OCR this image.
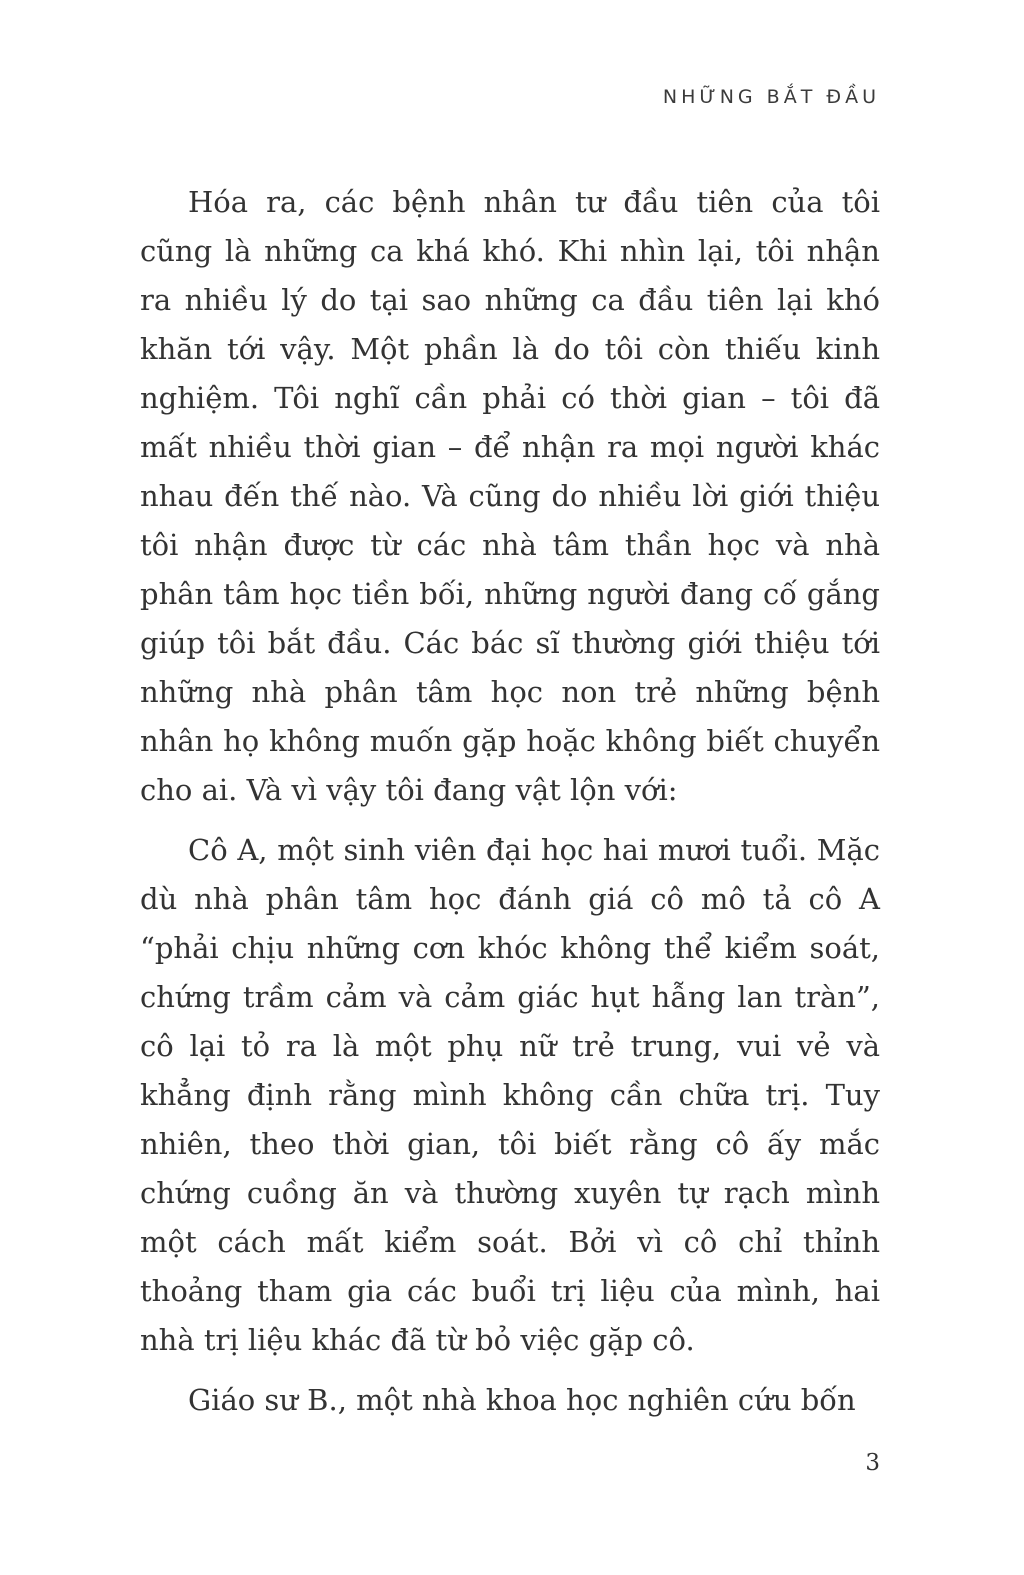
NHỮNG BẮT ĐẦU

Hóa ra, các bệnh nhân tư đầu tiên của tôi cũng là những ca khá khó. Khi nhìn lại, tôi nhận ra nhiều lý do tại sao những ca đầu tiên lại khó khăn tới vậy. Một phần là do tôi còn thiếu kinh nghiệm. Tôi nghĩ cần phải có thời gian – tôi đã mất nhiều thời gian – để nhận ra mọi người khác nhau đến thế nào. Và cũng do nhiều lời giới thiệu tôi nhận được từ các nhà tâm thần học và nhà phân tâm học tiền bối, những người đang cố gắng giúp tôi bắt đầu. Các bác sĩ thường giới thiệu tới những nhà phân tâm học non trẻ những bệnh nhân họ không muốn gặp hoặc không biết chuyển cho ai. Và vì vậy tôi đang vật lộn với:

Cô A, một sinh viên đại học hai mươi tuổi. Mặc dù nhà phân tâm học đánh giá cô mô tả cô A “phải chịu những cơn khóc không thể kiểm soát, chứng trầm cảm và cảm giác hụt hẫng lan tràn”, cô lại tỏ ra là một phụ nữ trẻ trung, vui vẻ và khẳng định rằng mình không cần chữa trị. Tuy nhiên, theo thời gian, tôi biết rằng cô ấy mắc chứng cuồng ăn và thường xuyên tự rạch mình một cách mất kiểm soát. Bởi vì cô chỉ thỉnh thoảng tham gia các buổi trị liệu của mình, hai nhà trị liệu khác đã từ bỏ việc gặp cô.

Giáo sư B., một nhà khoa học nghiên cứu bốn

3
